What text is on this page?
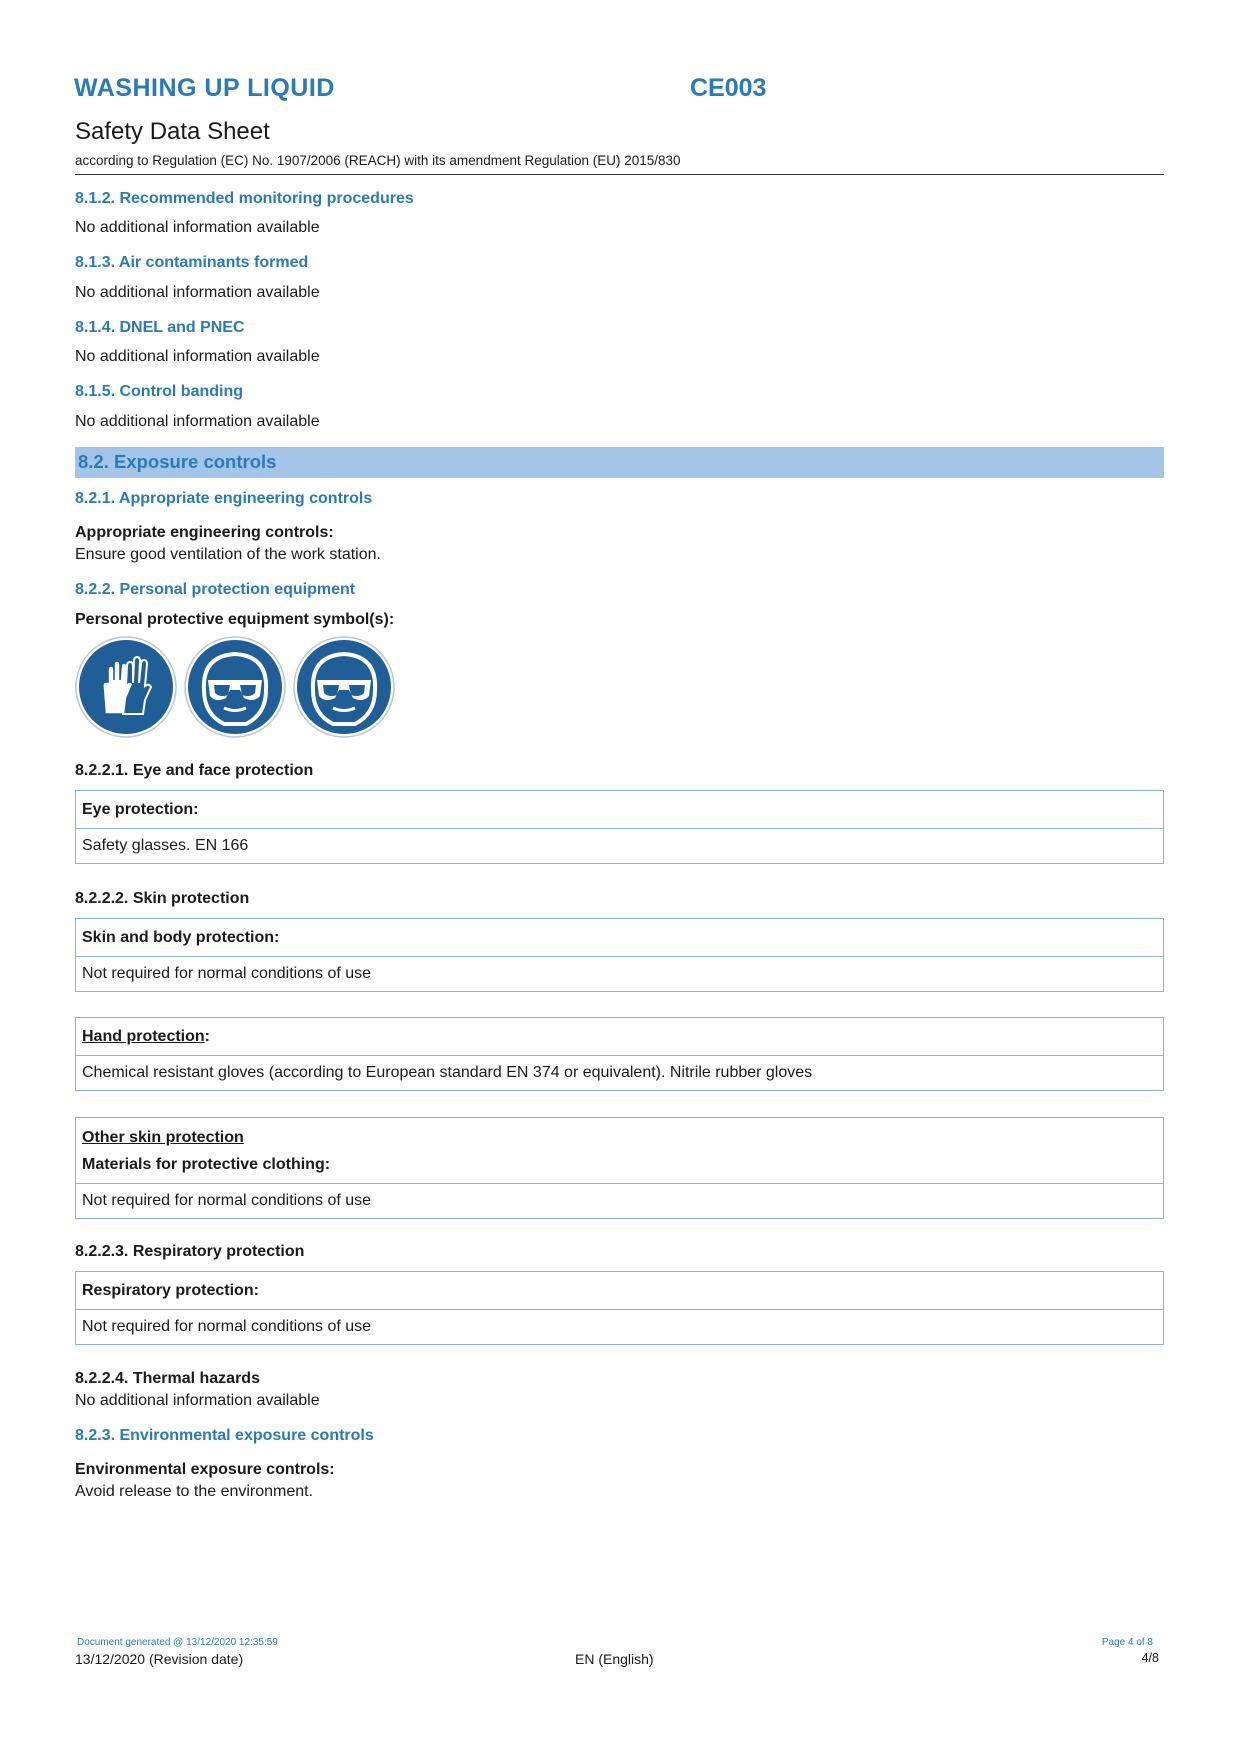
WASHING UP LIQUID	CE003
Safety Data Sheet
according to Regulation (EC) No. 1907/2006 (REACH) with its amendment Regulation (EU) 2015/830
8.1.2. Recommended monitoring procedures
No additional information available
8.1.3. Air contaminants formed
No additional information available
8.1.4. DNEL and PNEC
No additional information available
8.1.5. Control banding
No additional information available
8.2. Exposure controls
8.2.1. Appropriate engineering controls
Appropriate engineering controls:
Ensure good ventilation of the work station.
8.2.2. Personal protection equipment
Personal protective equipment symbol(s):
8.2.2.1. Eye and face protection
Eye protection:
Safety glasses. EN 166
8.2.2.2. Skin protection
Skin and body protection:
Not required for normal conditions of use
Hand protection:
Chemical resistant gloves (according to European standard EN 374 or equivalent). Nitrile rubber gloves
Other skin protection
Materials for protective clothing:
Not required for normal conditions of use
8.2.2.3. Respiratory protection
Respiratory protection:
Not required for normal conditions of use
8.2.2.4. Thermal hazards
No additional information available
8.2.3. Environmental exposure controls
Environmental exposure controls:
Avoid release to the environment.
Document generated @ 13/12/2020 12:35:59	Page 4 of 8
13/12/2020 (Revision date)	EN (English)	4/8
